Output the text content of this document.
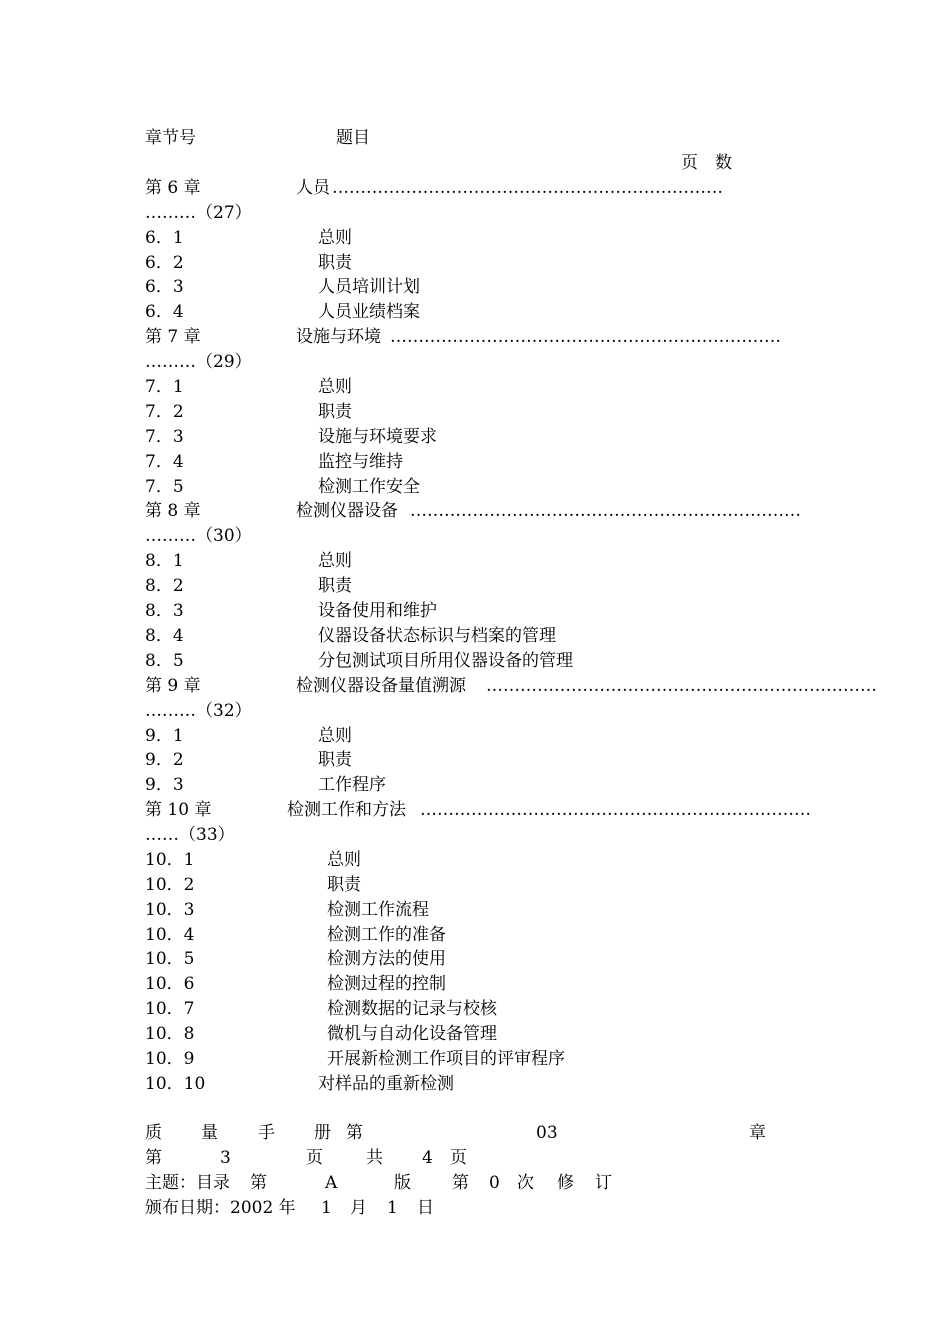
章节号	题目
页　数
第 6 章	人员 ……………………………………………………………
………（27）
6．1	总则
6．2	职责
6．3	人员培训计划
6．4	人员业绩档案
第 7 章	设施与环境 ……………………………………………………………
………（29）
7．1	总则
7．2	职责
7．3	设施与环境要求
7．4	监控与维持
7．5	检测工作安全
第 8 章	检测仪器设备 ……………………………………………………………
………（30）
8．1	总则
8．2	职责
8．3	设备使用和维护
8．4	仪器设备状态标识与档案的管理
8．5	分包测试项目所用仪器设备的管理
第 9 章	检测仪器设备量值溯源 ……………………………………………………………
………（32）
9．1	总则
9．2	职责
9．3	工作程序
第 10 章	检测工作和方法 ……………………………………………………………
……（33）
10．1	总则
10．2	职责
10．3	检测工作流程
10．4	检测工作的准备
10．5	检测方法的使用
10．6	检测过程的控制
10．7	检测数据的记录与校核
10．8	微机与自动化设备管理
10．9	开展新检测工作项目的评审程序
10．10	对样品的重新检测
质 量 手 册 第	03	章
第	3	页	共 4 页
主题：目录 第	A	版 第 0 次 修 订
颁布日期：2002 年 1 月 1 日
